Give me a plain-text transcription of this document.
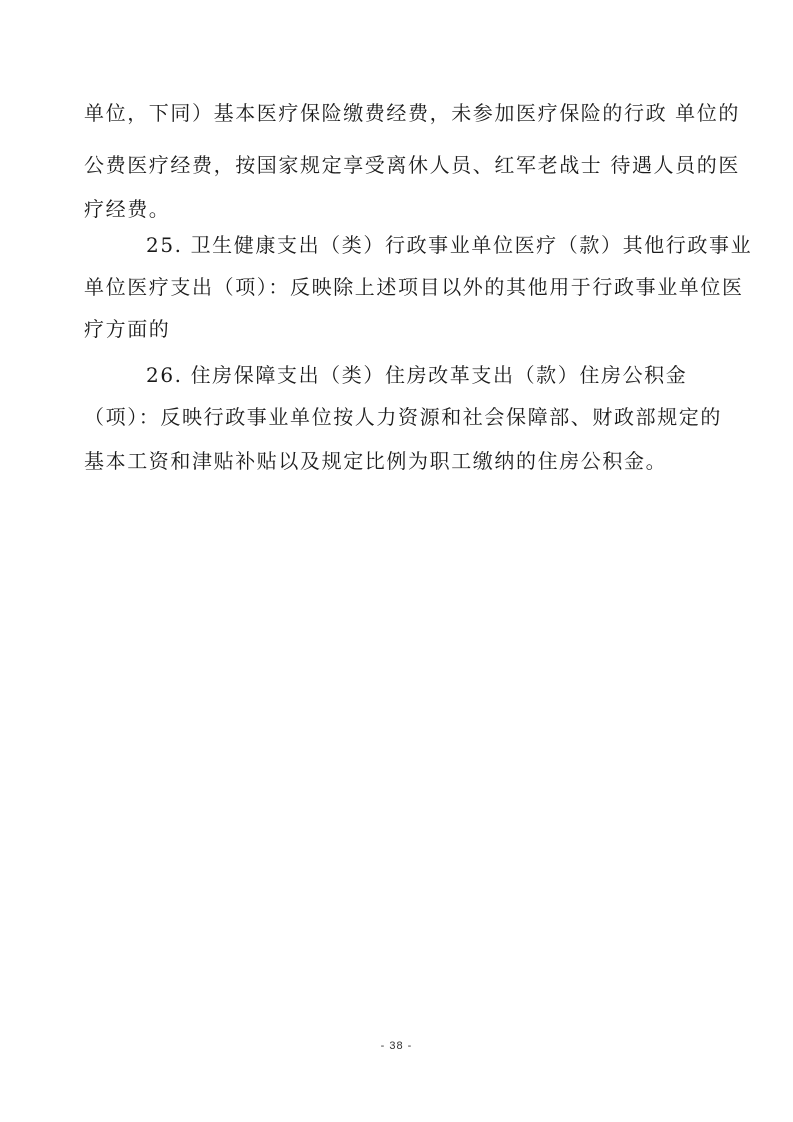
单位，下同）基本医疗保险缴费经费，未参加医疗保险的行政 单位的
公费医疗经费，按国家规定享受离休人员、红军老战士 待遇人员的医
疗经费。
25. 卫生健康支出（类）行政事业单位医疗（款）其他行政事业
单位医疗支出（项）：反映除上述项目以外的其他用于行政事业单位医
疗方面的
26. 住房保障支出（类）住房改革支出（款）住房公积金
（项）：反映行政事业单位按人力资源和社会保障部、财政部规定的
基本工资和津贴补贴以及规定比例为职工缴纳的住房公积金。
- 38 -
